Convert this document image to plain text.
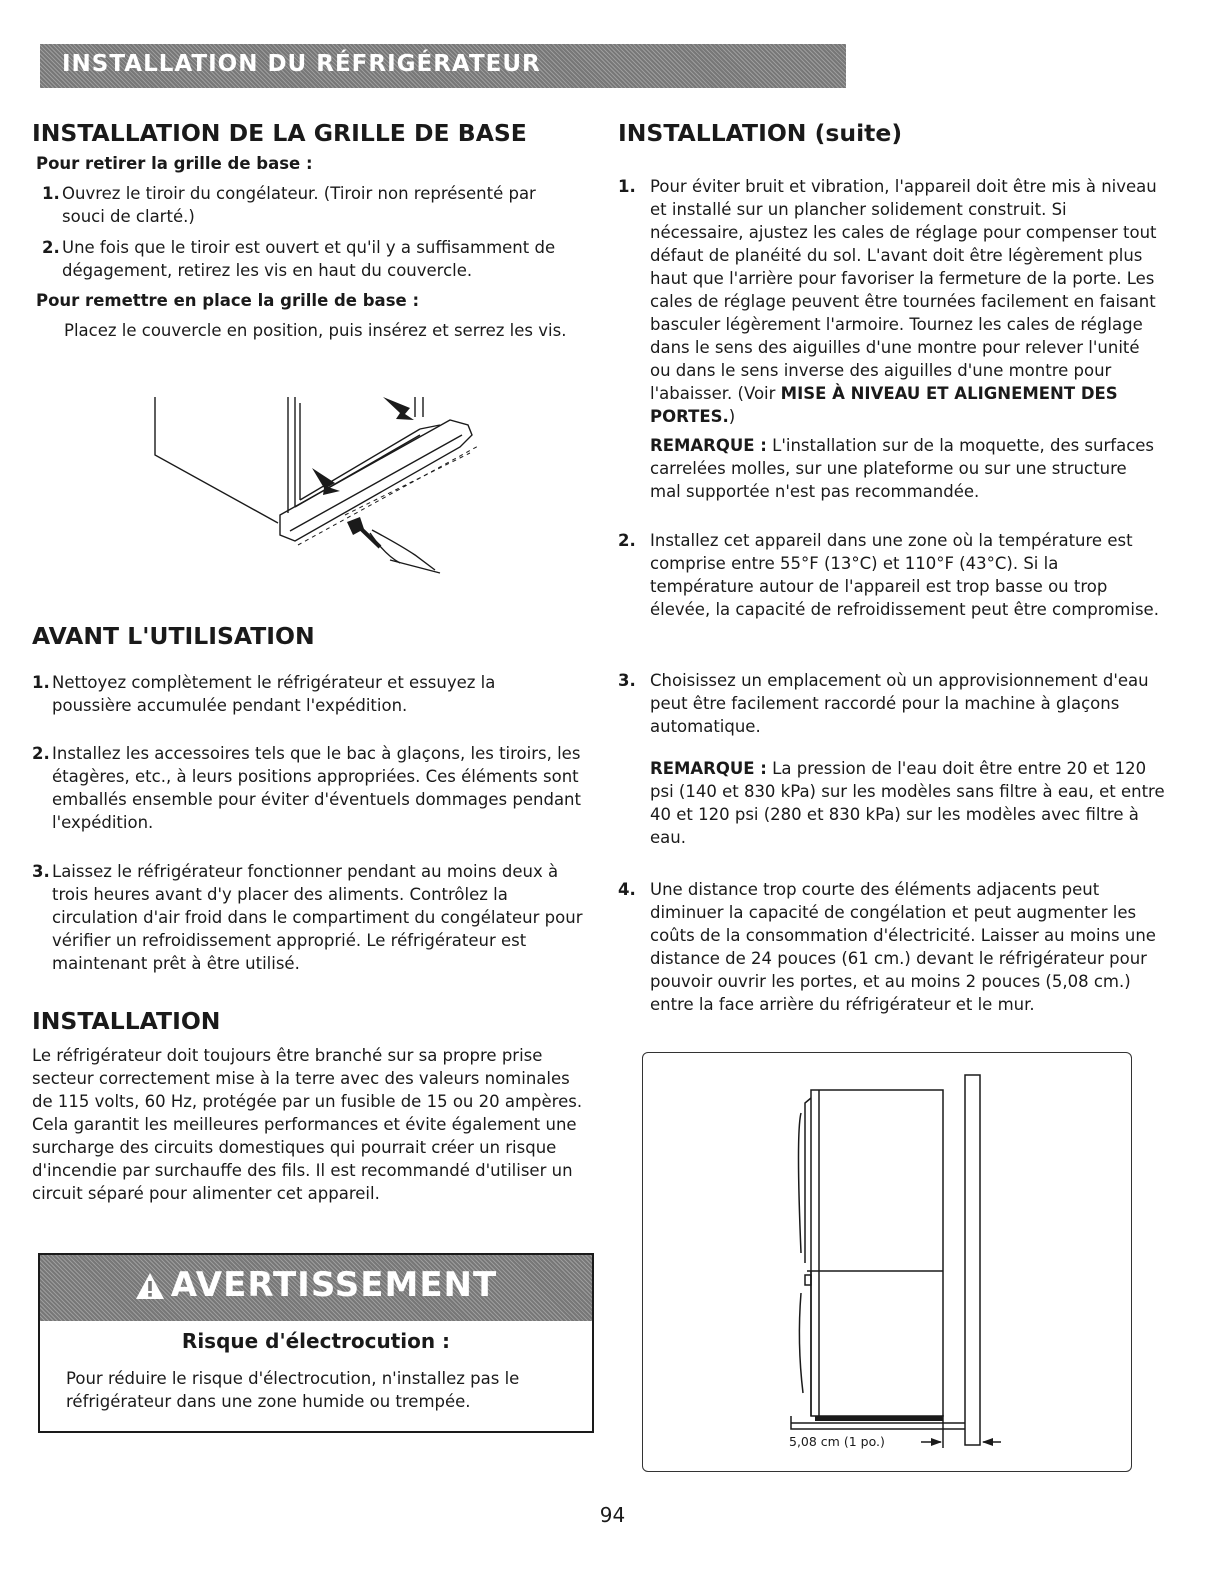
INSTALLATION DU RÉFRIGÉRATEUR
INSTALLATION DE LA GRILLE DE BASE
Pour retirer la grille de base :
1. Ouvrez le tiroir du congélateur. (Tiroir non représenté par souci de clarté.)
2. Une fois que le tiroir est ouvert et qu'il y a suffisamment de dégagement, retirez les vis en haut du couvercle.
Pour remettre en place la grille de base :

Placez le couvercle en position, puis insérez et serrez les vis.

AVANT L'UTILISATION
1. Nettoyez complètement le réfrigérateur et essuyez la poussière accumulée pendant l'expédition.
2. Installez les accessoires tels que le bac à glaçons, les tiroirs, les étagères, etc., à leurs positions appropriées. Ces éléments sont emballés ensemble pour éviter d'éventuels dommages pendant l'expédition.
3. Laissez le réfrigérateur fonctionner pendant au moins deux à trois heures avant d'y placer des aliments. Contrôlez la circulation d'air froid dans le compartiment du congélateur pour vérifier un refroidissement approprié. Le réfrigérateur est maintenant prêt à être utilisé.
INSTALLATION

Le réfrigérateur doit toujours être branché sur sa propre prise secteur correctement mise à la terre avec des valeurs nominales de 115 volts, 60 Hz, protégée par un fusible de 15 ou 20 ampères. Cela garantit les meilleures performances et évite également une surcharge des circuits domestiques qui pourrait créer un risque d'incendie par surchauffe des fils. Il est recommandé d'utiliser un circuit séparé pour alimenter cet appareil.

AVERTISSEMENT
Risque d'électrocution :
Pour réduire le risque d'électrocution, n'installez pas le réfrigérateur dans une zone humide ou trempée.
INSTALLATION (suite)
1. Pour éviter bruit et vibration, l'appareil doit être mis à niveau et installé sur un plancher solidement construit. Si nécessaire, ajustez les cales de réglage pour compenser tout défaut de planéité du sol. L'avant doit être légèrement plus haut que l'arrière pour favoriser la fermeture de la porte. Les cales de réglage peuvent être tournées facilement en faisant basculer légèrement l'armoire. Tournez les cales de réglage dans le sens des aiguilles d'une montre pour relever l'unité ou dans le sens inverse des aiguilles d'une montre pour l'abaisser. (Voir MISE À NIVEAU ET ALIGNEMENT DES PORTES.)

REMARQUE : L'installation sur de la moquette, des surfaces carrelées molles, sur une plateforme ou sur une structure mal supportée n'est pas recommandée.

2. Installez cet appareil dans une zone où la température est comprise entre 55°F (13°C) et 110°F (43°C). Si la température autour de l'appareil est trop basse ou trop élevée, la capacité de refroidissement peut être compromise.
3. Choisissez un emplacement où un approvisionnement d'eau peut être facilement raccordé pour la machine à glaçons automatique.

REMARQUE : La pression de l'eau doit être entre 20 et 120 psi (140 et 830 kPa) sur les modèles sans filtre à eau, et entre 40 et 120 psi (280 et 830 kPa) sur les modèles avec filtre à eau.

4. Une distance trop courte des éléments adjacents peut diminuer la capacité de congélation et peut augmenter les coûts de la consommation d'électricité. Laisser au moins une distance de 24 pouces (61 cm.) devant le réfrigérateur pour pouvoir ouvrir les portes, et au moins 2 pouces (5,08 cm.) entre la face arrière du réfrigérateur et le mur.
5,08 cm (1 po.)
94
